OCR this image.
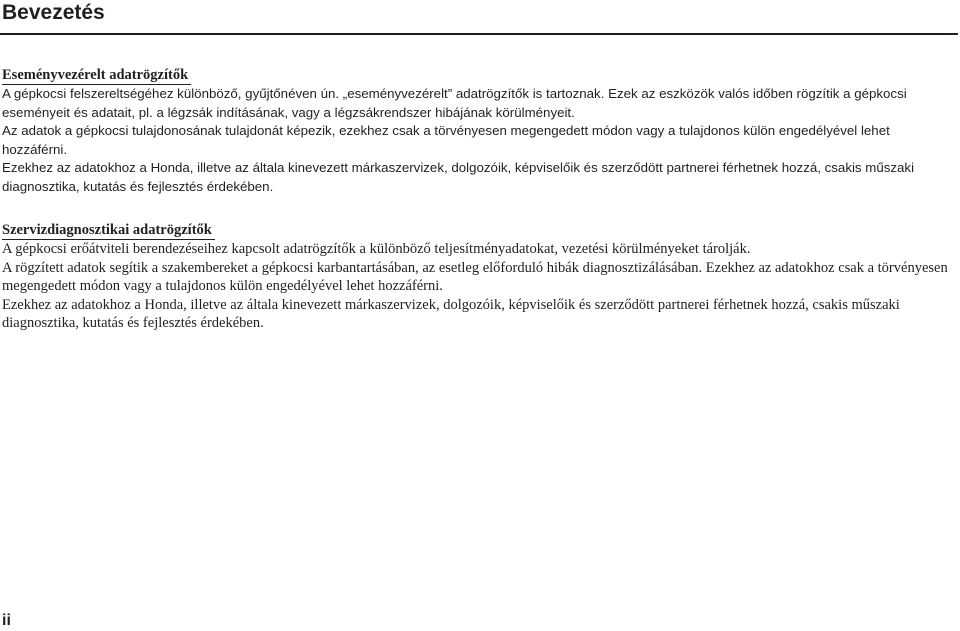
Bevezetés
Eseményvezérelt adatrögzítők

A gépkocsi felszereltségéhez különböző, gyűjtőnéven ún. „eseményvezérelt” adatrögzítők is tartoznak. Ezek az eszközök valós időben rögzítik a gépkocsi eseményeit és adatait, pl. a légzsák indításának, vagy a légzsákrendszer hibájának körülményeit.

Az adatok a gépkocsi tulajdonosának tulajdonát képezik, ezekhez csak a törvényesen megengedett módon vagy a tulajdonos külön engedélyével lehet hozzáférni.

Ezekhez az adatokhoz a Honda, illetve az általa kinevezett márkaszervizek, dolgozóik, képviselőik és szerződött partnerei férhetnek hozzá, csakis műszaki diagnosztika, kutatás és fejlesztés érdekében.

Szervizdiagnosztikai adatrögzítők

A gépkocsi erőátviteli berendezéseihez kapcsolt adatrögzítők a különböző teljesítményadatokat, vezetési körülményeket tárolják.

A rögzített adatok segítik a szakembereket a gépkocsi karbantartásában, az esetleg előforduló hibák diagnosztizálásában. Ezekhez az adatokhoz csak a törvényesen megengedett módon vagy a tulajdonos külön engedélyével lehet hozzáférni.

Ezekhez az adatokhoz a Honda, illetve az általa kinevezett márkaszervizek, dolgozóik, képviselőik és szerződött partnerei férhetnek hozzá, csakis műszaki diagnosztika, kutatás és fejlesztés érdekében.

ii
